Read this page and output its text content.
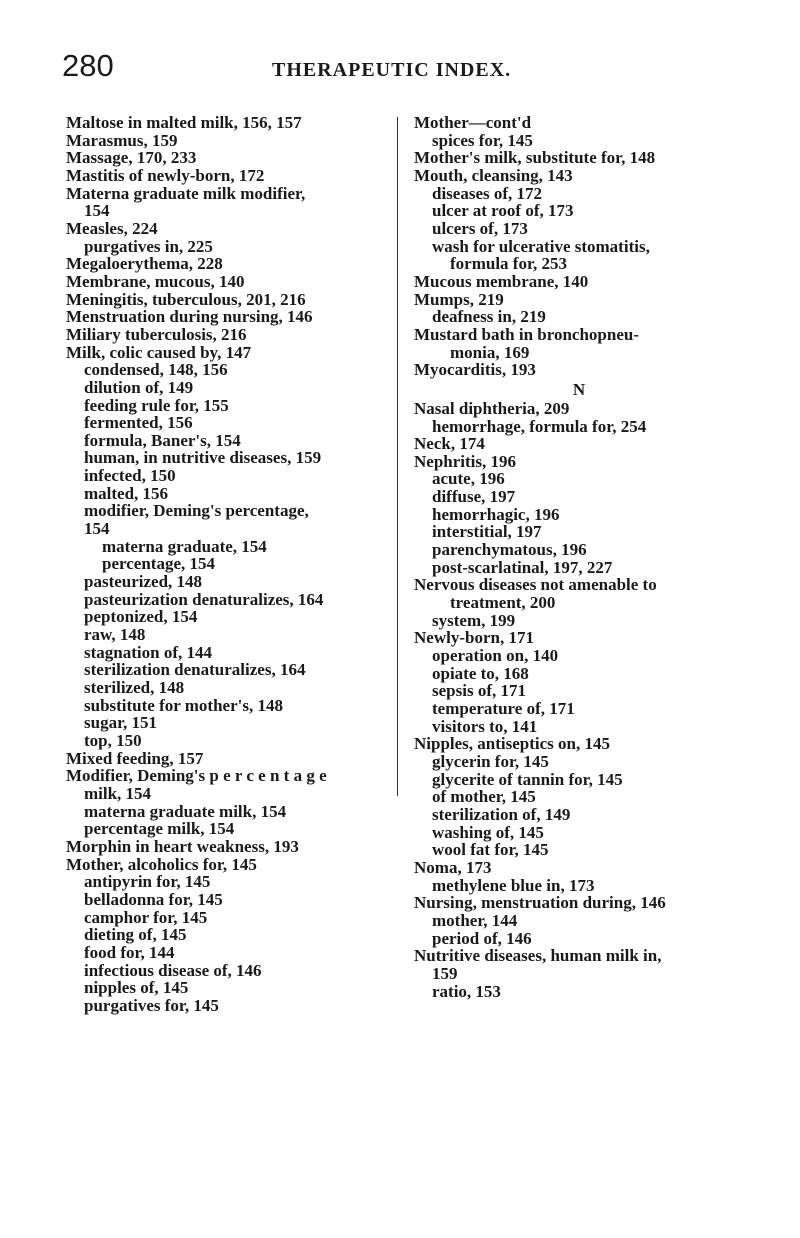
280	THERAPEUTIC INDEX.
Maltose in malted milk, 156, 157
Marasmus, 159
Massage, 170, 233
Mastitis of newly-born, 172
Materna graduate milk modifier,
154
Measles, 224
purgatives in, 225
Megaloerythema, 228
Membrane, mucous, 140
Meningitis, tuberculous, 201, 216
Menstruation during nursing, 146
Miliary tuberculosis, 216
Milk, colic caused by, 147
condensed, 148, 156
dilution of, 149
feeding rule for, 155
fermented, 156
formula, Baner's, 154
human, in nutritive diseases, 159
infected, 150
malted, 156
modifier, Deming's percentage,
154
materna graduate, 154
percentage, 154
pasteurized, 148
pasteurization denaturalizes, 164
peptonized, 154
raw, 148
stagnation of, 144
sterilization denaturalizes, 164
sterilized, 148
substitute for mother's, 148
sugar, 151
top, 150
Mixed feeding, 157
Modifier, Deming's p e r c e n t a g e
milk, 154
materna graduate milk, 154
percentage milk, 154
Morphin in heart weakness, 193
Mother, alcoholics for, 145
antipyrin for, 145
belladonna for, 145
camphor for, 145
dieting of, 145
food for, 144
infectious disease of, 146
nipples of, 145
purgatives for, 145
Mother—cont'd
spices for, 145
Mother's milk, substitute for, 148
Mouth, cleansing, 143
diseases of, 172
ulcer at roof of, 173
ulcers of, 173
wash for ulcerative stomatitis,
formula for, 253
Mucous membrane, 140
Mumps, 219
deafness in, 219
Mustard bath in bronchopneu-
monia, 169
Myocarditis, 193
N
Nasal diphtheria, 209
hemorrhage, formula for, 254
Neck, 174
Nephritis, 196
acute, 196
diffuse, 197
hemorrhagic, 196
interstitial, 197
parenchymatous, 196
post-scarlatinal, 197, 227
Nervous diseases not amenable to
treatment, 200
system, 199
Newly-born, 171
operation on, 140
opiate to, 168
sepsis of, 171
temperature of, 171
visitors to, 141
Nipples, antiseptics on, 145
glycerin for, 145
glycerite of tannin for, 145
of mother, 145
sterilization of, 149
washing of, 145
wool fat for, 145
Noma, 173
methylene blue in, 173
Nursing, menstruation during, 146
mother, 144
period of, 146
Nutritive diseases, human milk in,
159
ratio, 153
